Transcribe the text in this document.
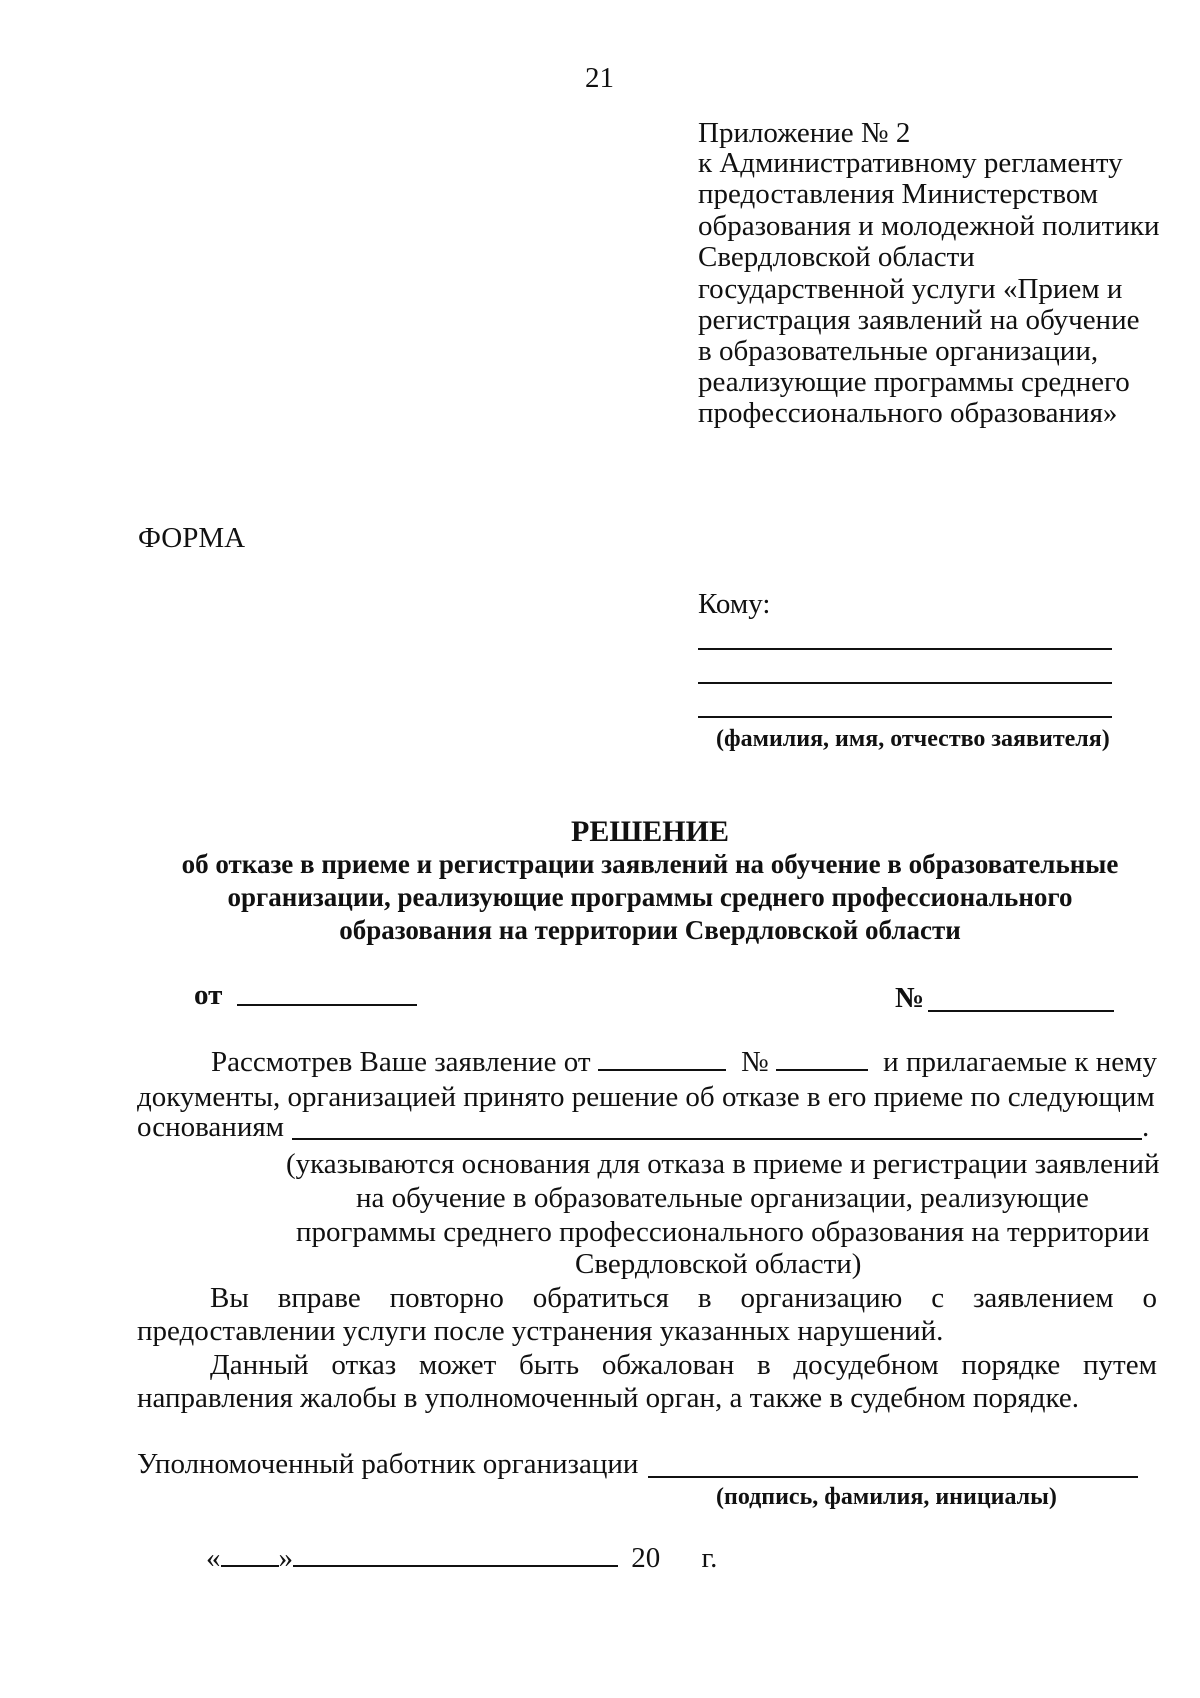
21
Приложение № 2
к Административному регламенту
предоставления Министерством
образования и молодежной политики
Свердловской области
государственной услуги «Прием и
регистрация заявлений на обучение
в образовательные организации,
реализующие программы среднего
профессионального образования»
ФОРМА
Кому:
(фамилия, имя, отчество заявителя)
РЕШЕНИЕ
об отказе в приеме и регистрации заявлений на обучение в образовательные
организации, реализующие программы среднего профессионального
образования на территории Свердловской области
от	№
Рассмотрев Ваше заявление от	№	и прилагаемые к нему
документы, организацией принято решение об отказе в его приеме по следующим
основаниям	.
(указываются основания для отказа в приеме и регистрации заявлений
на обучение в образовательные организации, реализующие
программы среднего профессионального образования на территории
Свердловской области)
Вы вправе повторно обратиться в организацию с заявлением о
предоставлении услуги после устранения указанных нарушений.
Данный отказ может быть обжалован в досудебном порядке путем
направления жалобы в уполномоченный орган, а также в судебном порядке.
Уполномоченный работник организации
(подпись, фамилия, инициалы)
« »	20 г.
